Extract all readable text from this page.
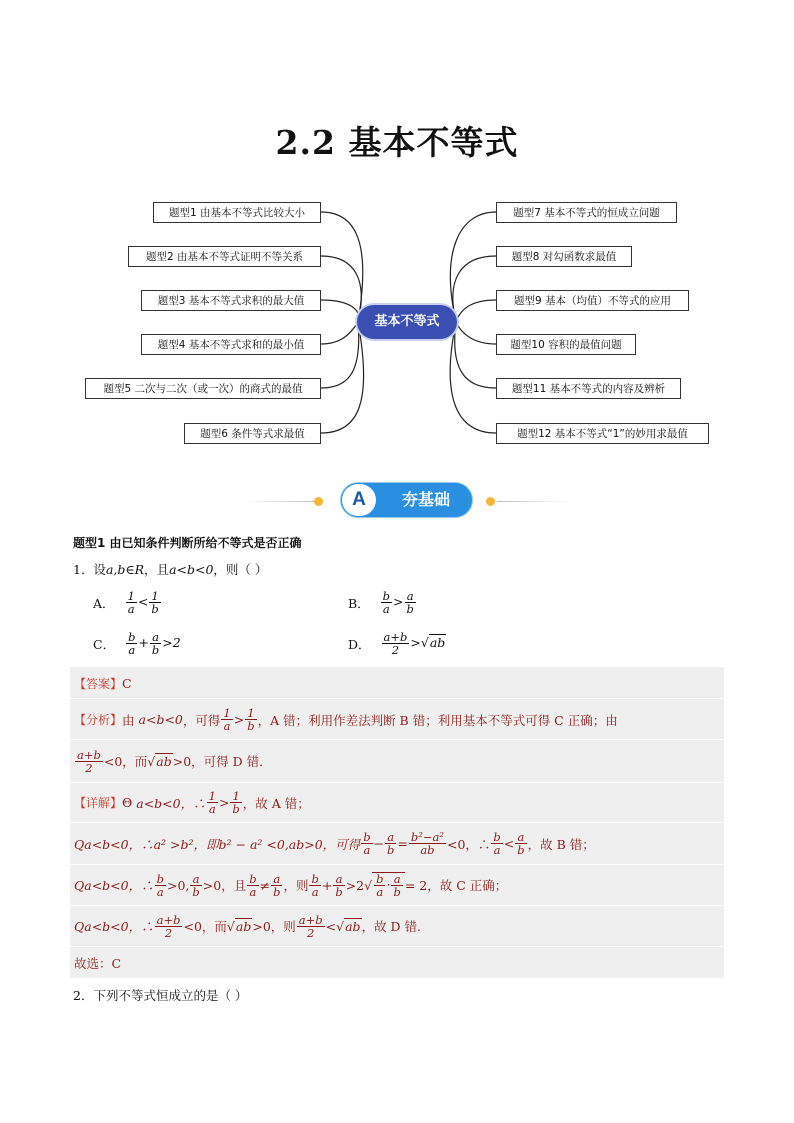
2.2 基本不等式
题型1 由基本不等式比较大小
题型2 由基本不等式证明不等关系
题型3 基本不等式求积的最大值
题型4 基本不等式求和的最小值
题型5 二次与二次（或一次）的商式的最值
题型6 条件等式求最值
题型7 基本不等式的恒成立问题
题型8 对勾函数求最值
题型9 基本（均值）不等式的应用
题型10 容积的最值问题
题型11 基本不等式的内容及辨析
题型12 基本不等式“1”的妙用求最值
基本不等式
A	夯基础
题型1 由已知条件判断所给不等式是否正确
1．设a,b∈R，且a<b<0，则（ ）
A． $\frac{1}{a} < \frac{1}{b}$	B． $\frac{b}{a} > \frac{a}{b}$
C． $\frac{b}{a} + \frac{a}{b} >2$	D． $\frac{a+b}{2} >√ab$
【答案】 C
【分析】 由
a<b<0 ，可得 $\frac{1}{a} > \frac{1}{b}$ ，A 错；利用作差法判断 B 错；利用基本不等式可得 C 正确；由
$\frac{a+b}{2} <0$，而 √ ab >0，可得 D 错．
【详解】 Θ
a<b<0，∴ $\frac{1}{a} > \frac{1}{b}$ ，故 A 错；
Qa<b<0，∴a² >b²，即 b² − a² <0,ab>0，可得 $\frac{b}{a} - \frac{a}{b} = \frac{\text{b²−a²}}{ab} <0$，∴ $\frac{b}{a} < \frac{a}{b}$ ，故 B 错；
Qa<b<0，∴ $\frac{b}{a} >0$, $\frac{a}{b} >0$ ，且 $\frac{b}{a} \ne \frac{a}{b}$ ，则 $\frac{b}{a} + \frac{a}{b} >2$ √ $\frac{b}{a} \cdot \frac{a}{b} = 2$，故 C 正确；
Qa<b<0，∴ $\frac{a+b}{2} <0$，而 √ ab >0，则 $\frac{a+b}{2}$ < √ ab ，故 D 错.
故选：C
2．下列不等式恒成立的是（ ）
